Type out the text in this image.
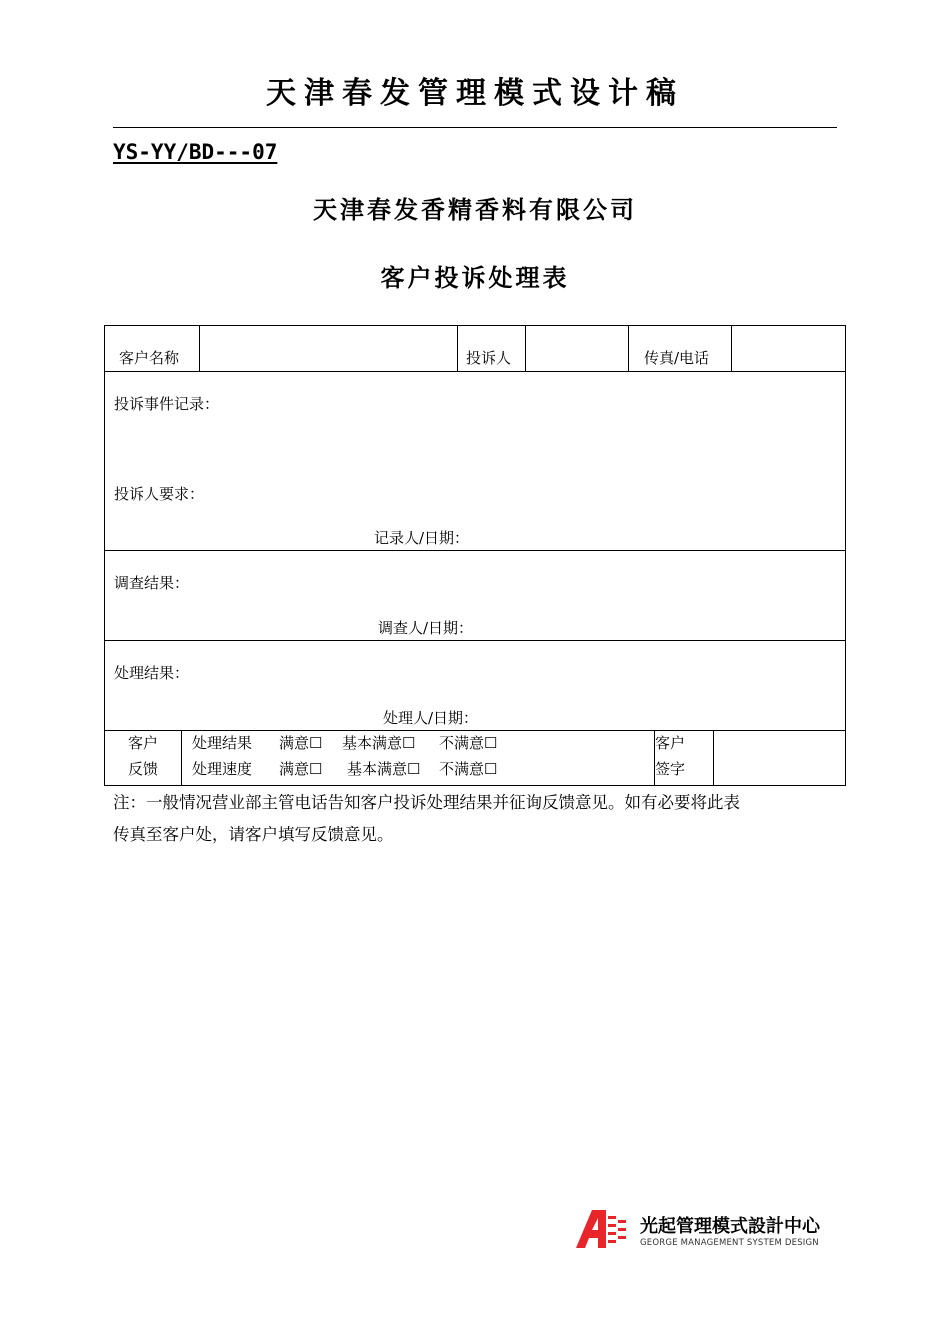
天津春发管理模式设计稿
YS-YY/BD---07
天津春发香精香料有限公司
客户投诉处理表
客户名称	投诉人	传真/电话
投诉事件记录：
投诉人要求：
记录人/日期：
调查结果：
调查人/日期：
处理结果：
处理人/日期：
客户
反馈
处理结果 满意☐ 基本满意☐ 不满意☐
处理速度 满意☐ 基本满意☐ 不满意☐
客户
签字

注：一般情况营业部主管电话告知客户投诉处理结果并征询反馈意见。如有必要将此表

传真至客户处，请客户填写反馈意见。

光起管理模式設計中心
GEORGE MANAGEMENT SYSTEM DESIGN
